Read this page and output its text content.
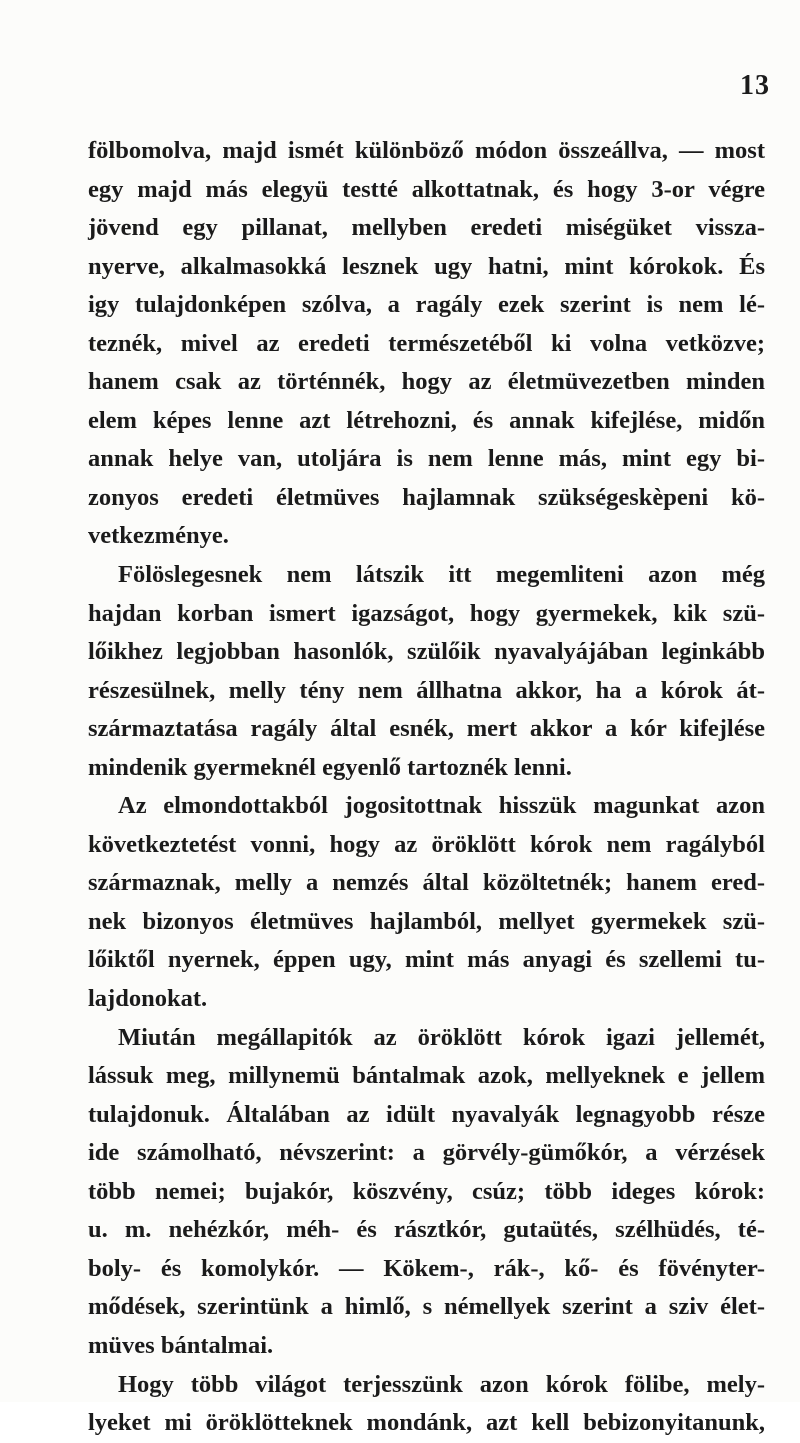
13
fölbomolva, majd ismét különböző módon összeállva, — most
egy majd más elegyü testté alkottatnak, és hogy 3-or végre
jövend egy pillanat, mellyben eredeti miségüket vissza-
nyerve, alkalmasokká lesznek ugy hatni, mint kórokok. És
igy tulajdonképen szólva, a ragály ezek szerint is nem lé-
teznék, mivel az eredeti természetéből ki volna vetközve;
hanem csak az történnék, hogy az életmüvezetben minden
elem képes lenne azt létrehozni, és annak kifejlése, midőn
annak helye van, utoljára is nem lenne más, mint egy bi-
zonyos eredeti életmüves hajlamnak szükségeskèpeni kö-
vetkezménye.
Fölöslegesnek nem látszik itt megemliteni azon még
hajdan korban ismert igazságot, hogy gyermekek, kik szü-
lőikhez legjobban hasonlók, szülőik nyavalyájában leginkább
részesülnek, melly tény nem állhatna akkor, ha a kórok át-
származtatása ragály által esnék, mert akkor a kór kifejlése
mindenik gyermeknél egyenlő tartoznék lenni.
Az elmondottakból jogositottnak hisszük magunkat azon
következtetést vonni, hogy az öröklött kórok nem ragályból
származnak, melly a nemzés által közöltetnék; hanem ered-
nek bizonyos életmüves hajlamból, mellyet gyermekek szü-
lőiktől nyernek, éppen ugy, mint más anyagi és szellemi tu-
lajdonokat.
Miután megállapitók az öröklött kórok igazi jellemét,
lássuk meg, millynemü bántalmak azok, mellyeknek e jellem
tulajdonuk. Általában az idült nyavalyák legnagyobb része
ide számolható, névszerint: a görvély-gümőkór, a vérzések
több nemei; bujakór, köszvény, csúz; több ideges kórok:
u. m. nehézkór, méh- és rásztkór, gutaütés, szélhüdés, té-
boly- és komolykór. — Kökem-, rák-, kő- és fövényter-
mődések, szerintünk a himlő, s némellyek szerint a sziv élet-
müves bántalmai.
Hogy több világot terjesszünk azon kórok fölibe, mely-
lyeket mi öröklötteknek mondánk, azt kell bebizonyitanunk,
